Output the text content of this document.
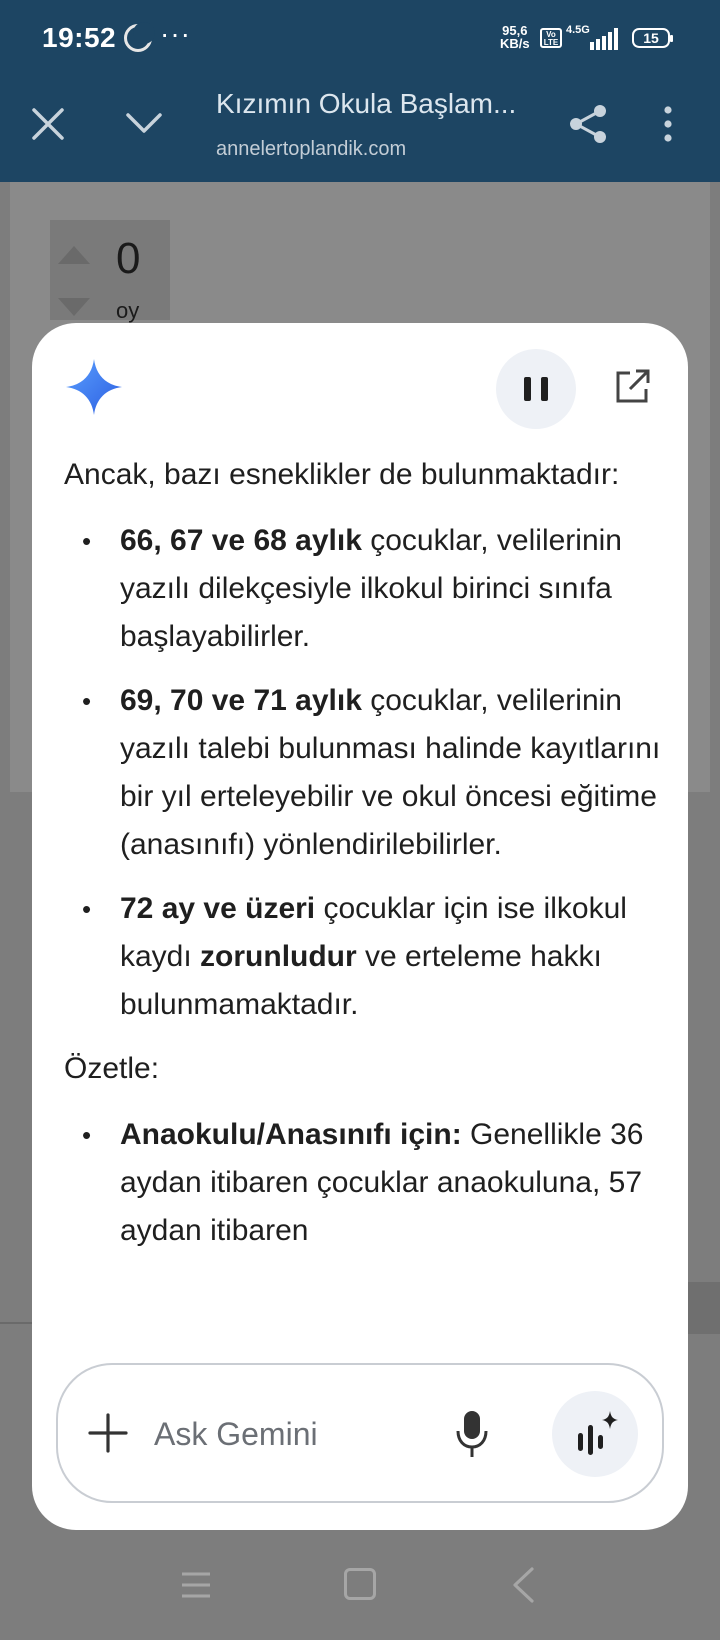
19:52 ···	95,6
KB/s
Vo LTE
4.5G	15
Kızımın Okula Başlam...
annelertoplandik.com
0
oy

Ancak, bazı esneklikler de bulunmaktadır:

• 66, 67 ve 68 aylık çocuklar, velilerinin yazılı dilekçesiyle ilkokul birinci sınıfa başlayabilirler.
• 69, 70 ve 71 aylık çocuklar, velilerinin yazılı talebi bulunması halinde kayıtlarını bir yıl erteleyebilir ve okul öncesi eğitime (anasınıfı) yönlendirilebilirler.
• 72 ay ve üzeri çocuklar için ise ilkokul kaydı zorunludur ve erteleme hakkı bulunmamaktadır.

Özetle:

• Anaokulu/Anasınıfı için: Genellikle 36 aydan itibaren çocuklar anaokuluna, 57 aydan itibaren
Ask Gemini
